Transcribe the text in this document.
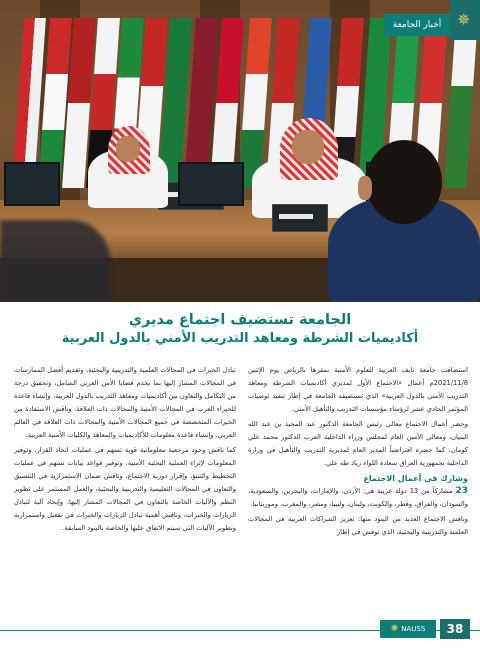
أخبار الجامعة ✵
الجامعة تستضيف اجتماع مديري
أكاديميات الشرطة ومعاهد التدريب الأمني بالدول العربية

استضافت جامعة نايف العربية للعلوم الأمنية بمقرها بالرياض يوم الإثنين 2021/11/8م أعمال «الاجتماع الأول لمديري أكاديميات الشرطة ومعاهد التدريب الأمني بالدول العربية» الذي تستضيفه الجامعة في إطار تنفيذ توصيات المؤتمر الحادي عشر لرؤساء مؤسسات التدريب والتأهيل الأمني.

وحضر أعمال الاجتماع معالي رئيس الجامعة الدكتور عبد المجيد بن عبد الله البنيان، ومعالي الأمين العام لمجلس وزراء الداخلية العرب الدكتور محمد علي كومان، كما حضره افتراضياً المدير العام لمديرية التدريب والتأهيل في وزارة الداخلية بجمهورية العراق سعادة اللواء زياد طه علي.

وشارك في أعمال الاجتماع

23 مشاركاً من 13 دولة عربية هي: الأردن، والإمارات، والبحرين، والسعودية، والسودان، والعراق، وقطر، والكويت، ولبنان، وليبيا، ومصر، والمغرب، وموريتانيا.

وناقش الاجتماع العديد من البنود منها: تعزيز الشراكات العربية في المجالات العلمية والتدريبية والبحثية، الذي نوقش في إطار

تبادل الخبرات في المجالات العلمية والتدريبية والبحثية، وتقديم أفضل الممارسات في المجالات المشار إليها بما يخدم قضايا الأمن العربي الشامل، وتحقيق درجة من التكامل والتعاون بين أكاديميات ومعاهد التدريب بالدول العربية، وإنشاء قاعدة للخبراء العرب في المجالات الأمنية والمجالات ذات العلاقة، وناقش الاستفادة من الخبرات المتخصصة في جميع المجالات الأمنية والمجالات ذات العلاقة في العالم العربي، وإنشاء قاعدة معلومات للأكاديميات والمعاهد والكليات الأمنية العربية.

كما ناقش وجود مرجعية معلوماتية قوية تسهم في عمليات اتخاذ القرار، وتوفير المعلومات لإثراء العملية البحثية الأمنية، وتوفير قواعد بيانات تسهم في عمليات التخطيط والتنبؤ، وإقرار دورية الاجتماع، وناقش ضمان الاستمرارية في التنسيق والتعاون في المجالات التعليمية والتدريبية والبحثية، والعمل المستمر على تطوير النظم والآليات الخاصة بالتعاون في المجالات المشار إليها، وإيجاد آلية لتبادل الزيارات والخبرات، وناقش أهمية تبادل الزيارات والخبرات في تفعيل واستمرارية وتطوير الآليات التي سيتم الاتفاق عليها والخاصة بالبنود السابقة.

✺ NAUSS	38
